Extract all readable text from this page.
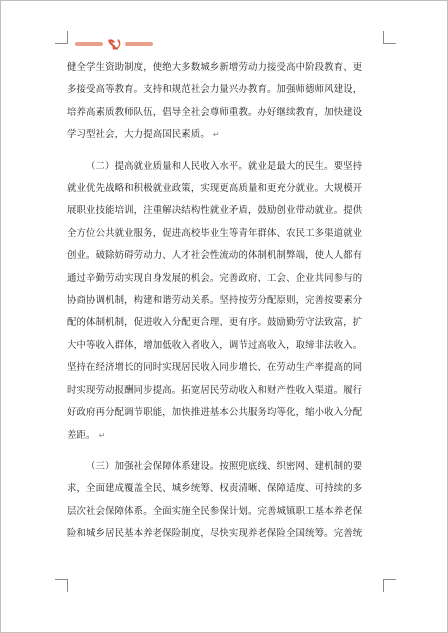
健全学生资助制度，使绝大多数城乡新增劳动力接受高中阶段教育、更
多接受高等教育。支持和规范社会力量兴办教育。加强师德师风建设，
培养高素质教师队伍，倡导全社会尊师重教。办好继续教育，加快建设
学习型社会，大力提高国民素质。 ↵

（二）提高就业质量和人民收入水平。就业是最大的民生。要坚持
就业优先战略和积极就业政策，实现更高质量和更充分就业。大规模开
展职业技能培训，注重解决结构性就业矛盾，鼓励创业带动就业。提供
全方位公共就业服务，促进高校毕业生等青年群体、农民工多渠道就业
创业。破除妨碍劳动力、人才社会性流动的体制机制弊端，使人人都有
通过辛勤劳动实现自身发展的机会。完善政府、工会、企业共同参与的
协商协调机制，构建和谐劳动关系。坚持按劳分配原则，完善按要素分
配的体制机制，促进收入分配更合理、更有序。鼓励勤劳守法致富，扩
大中等收入群体，增加低收入者收入，调节过高收入，取缔非法收入。
坚持在经济增长的同时实现居民收入同步增长、在劳动生产率提高的同
时实现劳动报酬同步提高。拓宽居民劳动收入和财产性收入渠道。履行
好政府再分配调节职能，加快推进基本公共服务均等化，缩小收入分配
差距。 ↵

（三）加强社会保障体系建设。按照兜底线、织密网、建机制的要
求，全面建成覆盖全民、城乡统筹、权责清晰、保障适度、可持续的多
层次社会保障体系。全面实施全民参保计划。完善城镇职工基本养老保
险和城乡居民基本养老保险制度，尽快实现养老保险全国统筹。完善统
